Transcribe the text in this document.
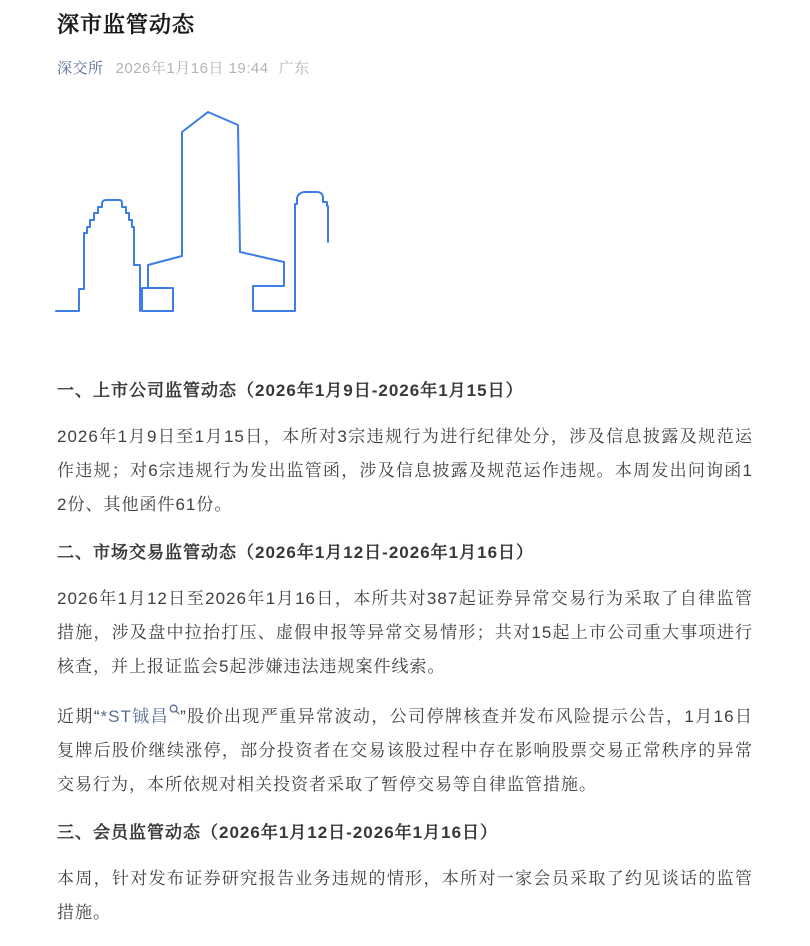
深市监管动态
深交所 2026年1月16日 19:44 广东
一、上市公司监管动态（2026年1月9日-2026年1月15日）

2026年1月9日至1月15日，本所对3宗违规行为进行纪律处分，涉及信息披露及规范运作违规；对6宗违规行为发出监管函，涉及信息披露及规范运作违规。本周发出问询函12份、其他函件61份。

二、市场交易监管动态（2026年1月12日-2026年1月16日）

2026年1月12日至2026年1月16日，本所共对387起证券异常交易行为采取了自律监管措施，涉及盘中拉抬打压、虚假申报等异常交易情形；共对15起上市公司重大事项进行核查，并上报证监会5起涉嫌违法违规案件线索。

近期“*ST铖昌 ”股价出现严重异常波动，公司停牌核查并发布风险提示公告，1月16日复牌后股价继续涨停，部分投资者在交易该股过程中存在影响股票交易正常秩序的异常交易行为，本所依规对相关投资者采取了暂停交易等自律监管措施。

三、会员监管动态（2026年1月12日-2026年1月16日）

本周，针对发布证券研究报告业务违规的情形，本所对一家会员采取了约见谈话的监管措施。
